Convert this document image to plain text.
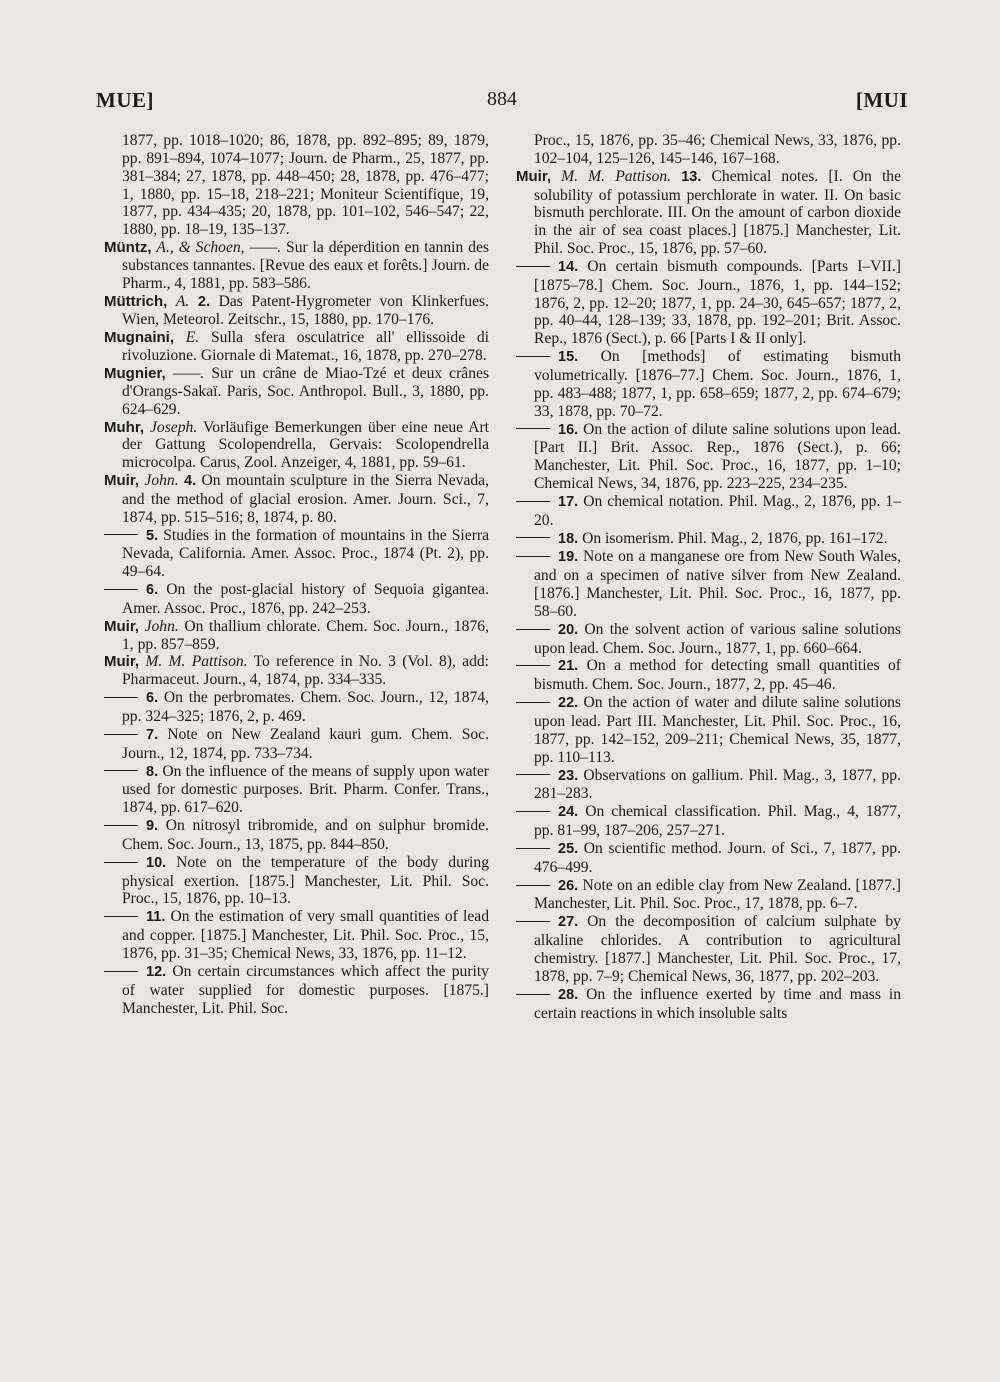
MUE]	884	[MUI

1877, pp. 1018–1020; 86, 1878, pp. 892–895; 89, 1879, pp. 891–894, 1074–1077; Journ. de Pharm., 25, 1877, pp. 381–384; 27, 1878, pp. 448–450; 28, 1878, pp. 476–477; 1, 1880, pp. 15–18, 218–221; Moniteur Scientifique, 19, 1877, pp. 434–435; 20, 1878, pp. 101–102, 546–547; 22, 1880, pp. 18–19, 135–137.

Müntz, A., & Schoen, ——. Sur la déperdition en tannin des substances tannantes. [Revue des eaux et forêts.] Journ. de Pharm., 4, 1881, pp. 583–586.

Müttrich, A. 2. Das Patent-Hygrometer von Klinkerfues. Wien, Meteorol. Zeitschr., 15, 1880, pp. 170–176.

Mugnaini, E. Sulla sfera osculatrice all' ellissoide di rivoluzione. Giornale di Matemat., 16, 1878, pp. 270–278.

Mugnier, ——. Sur un crâne de Miao-Tzé et deux crânes d'Orangs-Sakaï. Paris, Soc. Anthropol. Bull., 3, 1880, pp. 624–629.

Muhr, Joseph. Vorläufige Bemerkungen über eine neue Art der Gattung Scolopendrella, Gervais: Scolopendrella microcolpa. Carus, Zool. Anzeiger, 4, 1881, pp. 59–61.

Muir, John. 4. On mountain sculpture in the Sierra Nevada, and the method of glacial erosion. Amer. Journ. Sci., 7, 1874, pp. 515–516; 8, 1874, p. 80.

5. Studies in the formation of mountains in the Sierra Nevada, California. Amer. Assoc. Proc., 1874 (Pt. 2), pp. 49–64.

6. On the post-glacial history of Sequoia gigantea. Amer. Assoc. Proc., 1876, pp. 242–253.

Muir, John. On thallium chlorate. Chem. Soc. Journ., 1876, 1, pp. 857–859.

Muir, M. M. Pattison. To reference in No. 3 (Vol. 8), add: Pharmaceut. Journ., 4, 1874, pp. 334–335.

6. On the perbromates. Chem. Soc. Journ., 12, 1874, pp. 324–325; 1876, 2, p. 469.

7. Note on New Zealand kauri gum. Chem. Soc. Journ., 12, 1874, pp. 733–734.

8. On the influence of the means of supply upon water used for domestic purposes. Brit. Pharm. Confer. Trans., 1874, pp. 617–620.

9. On nitrosyl tribromide, and on sulphur bromide. Chem. Soc. Journ., 13, 1875, pp. 844–850.

10. Note on the temperature of the body during physical exertion. [1875.] Manchester, Lit. Phil. Soc. Proc., 15, 1876, pp. 10–13.

11. On the estimation of very small quantities of lead and copper. [1875.] Manchester, Lit. Phil. Soc. Proc., 15, 1876, pp. 31–35; Chemical News, 33, 1876, pp. 11–12.

12. On certain circumstances which affect the purity of water supplied for domestic purposes. [1875.] Manchester, Lit. Phil. Soc.

Proc., 15, 1876, pp. 35–46; Chemical News, 33, 1876, pp. 102–104, 125–126, 145–146, 167–168.

Muir, M. M. Pattison. 13. Chemical notes. [I. On the solubility of potassium perchlorate in water. II. On basic bismuth perchlorate. III. On the amount of carbon dioxide in the air of sea coast places.] [1875.] Manchester, Lit. Phil. Soc. Proc., 15, 1876, pp. 57–60.

14. On certain bismuth compounds. [Parts I–VII.] [1875–78.] Chem. Soc. Journ., 1876, 1, pp. 144–152; 1876, 2, pp. 12–20; 1877, 1, pp. 24–30, 645–657; 1877, 2, pp. 40–44, 128–139; 33, 1878, pp. 192–201; Brit. Assoc. Rep., 1876 (Sect.), p. 66 [Parts I & II only].

15. On [methods] of estimating bismuth volumetrically. [1876–77.] Chem. Soc. Journ., 1876, 1, pp. 483–488; 1877, 1, pp. 658–659; 1877, 2, pp. 674–679; 33, 1878, pp. 70–72.

16. On the action of dilute saline solutions upon lead. [Part II.] Brit. Assoc. Rep., 1876 (Sect.), p. 66; Manchester, Lit. Phil. Soc. Proc., 16, 1877, pp. 1–10; Chemical News, 34, 1876, pp. 223–225, 234–235.

17. On chemical notation. Phil. Mag., 2, 1876, pp. 1–20.

18. On isomerism. Phil. Mag., 2, 1876, pp. 161–172.

19. Note on a manganese ore from New South Wales, and on a specimen of native silver from New Zealand. [1876.] Manchester, Lit. Phil. Soc. Proc., 16, 1877, pp. 58–60.

20. On the solvent action of various saline solutions upon lead. Chem. Soc. Journ., 1877, 1, pp. 660–664.

21. On a method for detecting small quantities of bismuth. Chem. Soc. Journ., 1877, 2, pp. 45–46.

22. On the action of water and dilute saline solutions upon lead. Part III. Manchester, Lit. Phil. Soc. Proc., 16, 1877, pp. 142–152, 209–211; Chemical News, 35, 1877, pp. 110–113.

23. Observations on gallium. Phil. Mag., 3, 1877, pp. 281–283.

24. On chemical classification. Phil. Mag., 4, 1877, pp. 81–99, 187–206, 257–271.

25. On scientific method. Journ. of Sci., 7, 1877, pp. 476–499.

26. Note on an edible clay from New Zealand. [1877.] Manchester, Lit. Phil. Soc. Proc., 17, 1878, pp. 6–7.

27. On the decomposition of calcium sulphate by alkaline chlorides. A contribution to agricultural chemistry. [1877.] Manchester, Lit. Phil. Soc. Proc., 17, 1878, pp. 7–9; Chemical News, 36, 1877, pp. 202–203.

28. On the influence exerted by time and mass in certain reactions in which insoluble salts
